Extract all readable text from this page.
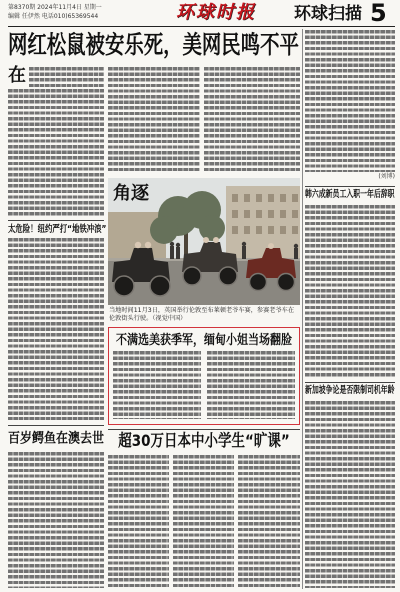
第8370期 2024年11月4日 星期一
编辑 任伊然 电话010)65369544	环球时报 环球扫描 5
网红松鼠被安乐死，美网民鸣不平
在
太危险！纽约严打“地铁冲浪”
百岁鳄鱼在澳去世
角逐
当地时间11月3日，英国举行伦敦至布莱顿老爷车赛，参赛老爷车在伦敦街头行驶。（视觉中国）
不满选美获季军，缅甸小姐当场翻脸
超30万日本中小学生“旷课”
(刘博)
韩六成新员工入职一年后辞职
新加坡争论是否限制司机年龄
